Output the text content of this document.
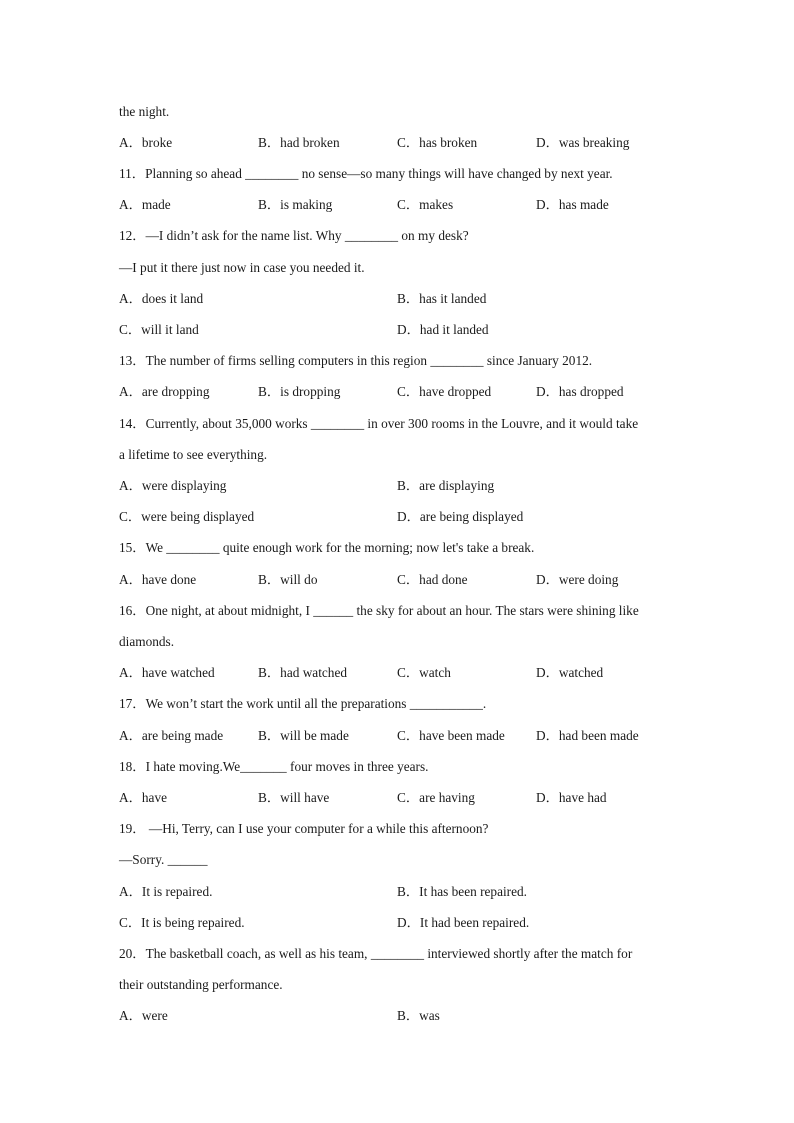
the night.
A．broke	B．had broken	C．has broken	D．was breaking
11．Planning so ahead ________ no sense—so many things will have changed by next year.
A．made	B．is making	C．makes	D．has made
12．—I didn’t ask for the name list. Why ________ on my desk?
—I put it there just now in case you needed it.
A．does it land	B．has it landed
C．will it land	D．had it landed
13．The number of firms selling computers in this region ________ since January 2012.
A．are dropping	B．is dropping	C．have dropped	D．has dropped
14．Currently, about 35,000 works ________ in over 300 rooms in the Louvre, and it would take
a lifetime to see everything.
A．were displaying	B．are displaying
C．were being displayed	D．are being displayed
15．We ________ quite enough work for the morning; now let's take a break.
A．have done	B．will do	C．had done	D．were doing
16．One night, at about midnight, I ______ the sky for about an hour. The stars were shining like
diamonds.
A．have watched	B．had watched	C．watch	D．watched
17．We won’t start the work until all the preparations ___________.
A．are being made	B．will be made	C．have been made D．had been made
18．I hate moving.We_______ four moves in three years.
A．have	B．will have	C．are having	D．have had
19． —Hi, Terry, can I use your computer for a while this afternoon?
—Sorry. ______
A．It is repaired.	B．It has been repaired.
C．It is being repaired.	D．It had been repaired.
20．The basketball coach, as well as his team, ________ interviewed shortly after the match for
their outstanding performance.
A．were	B．was
